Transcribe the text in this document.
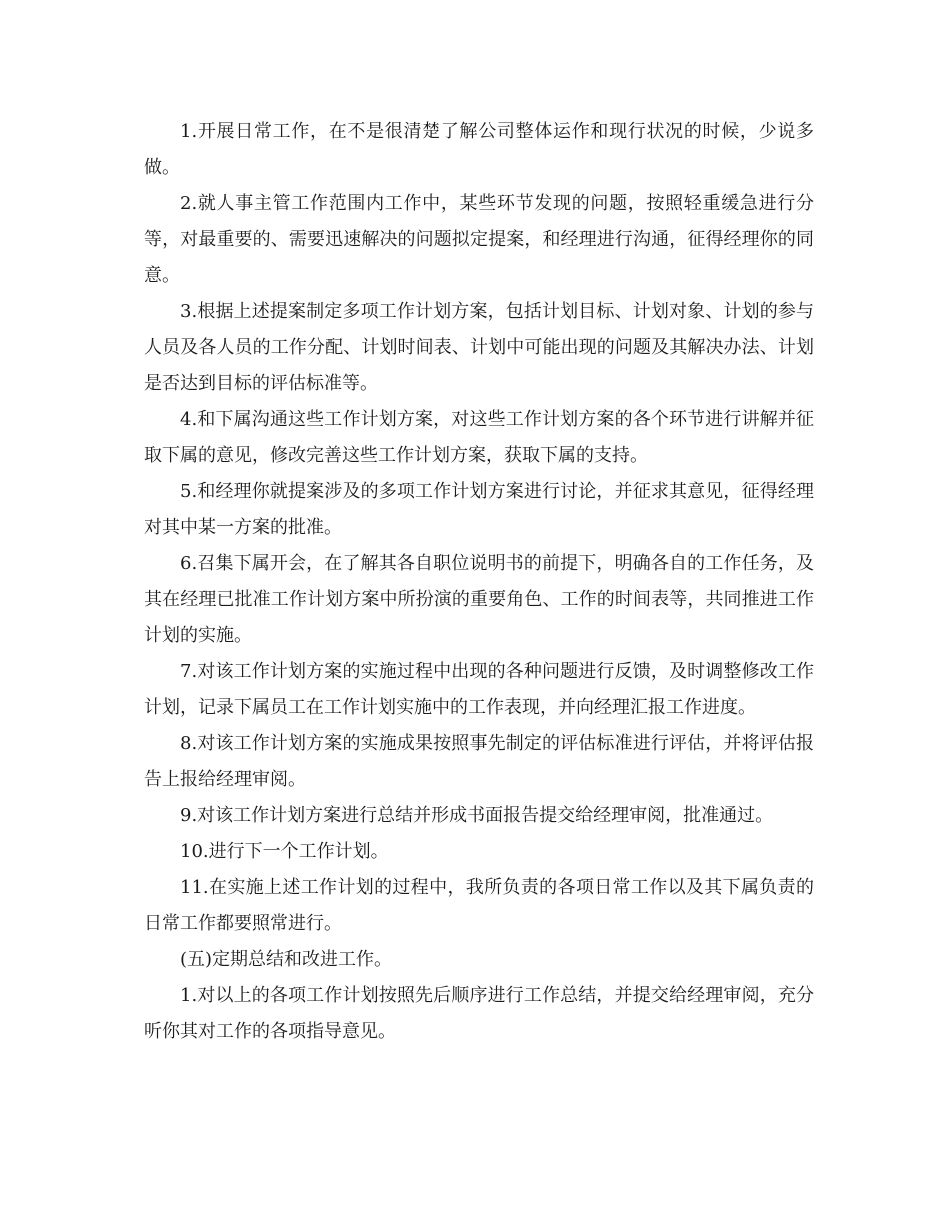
1.开展日常工作，在不是很清楚了解公司整体运作和现行状况的时候，少说多做。

2.就人事主管工作范围内工作中，某些环节发现的问题，按照轻重缓急进行分等，对最重要的、需要迅速解决的问题拟定提案，和经理进行沟通，征得经理你的同意。

3.根据上述提案制定多项工作计划方案，包括计划目标、计划对象、计划的参与人员及各人员的工作分配、计划时间表、计划中可能出现的问题及其解决办法、计划是否达到目标的评估标准等。

4.和下属沟通这些工作计划方案，对这些工作计划方案的各个环节进行讲解并征取下属的意见，修改完善这些工作计划方案，获取下属的支持。

5.和经理你就提案涉及的多项工作计划方案进行讨论，并征求其意见，征得经理对其中某一方案的批准。

6.召集下属开会，在了解其各自职位说明书的前提下，明确各自的工作任务，及其在经理已批准工作计划方案中所扮演的重要角色、工作的时间表等，共同推进工作计划的实施。

7.对该工作计划方案的实施过程中出现的各种问题进行反馈，及时调整修改工作计划，记录下属员工在工作计划实施中的工作表现，并向经理汇报工作进度。

8.对该工作计划方案的实施成果按照事先制定的评估标准进行评估，并将评估报告上报给经理审阅。

9.对该工作计划方案进行总结并形成书面报告提交给经理审阅，批准通过。

10.进行下一个工作计划。

11.在实施上述工作计划的过程中，我所负责的各项日常工作以及其下属负责的日常工作都要照常进行。

(五)定期总结和改进工作。

1.对以上的各项工作计划按照先后顺序进行工作总结，并提交给经理审阅，充分听你其对工作的各项指导意见。
